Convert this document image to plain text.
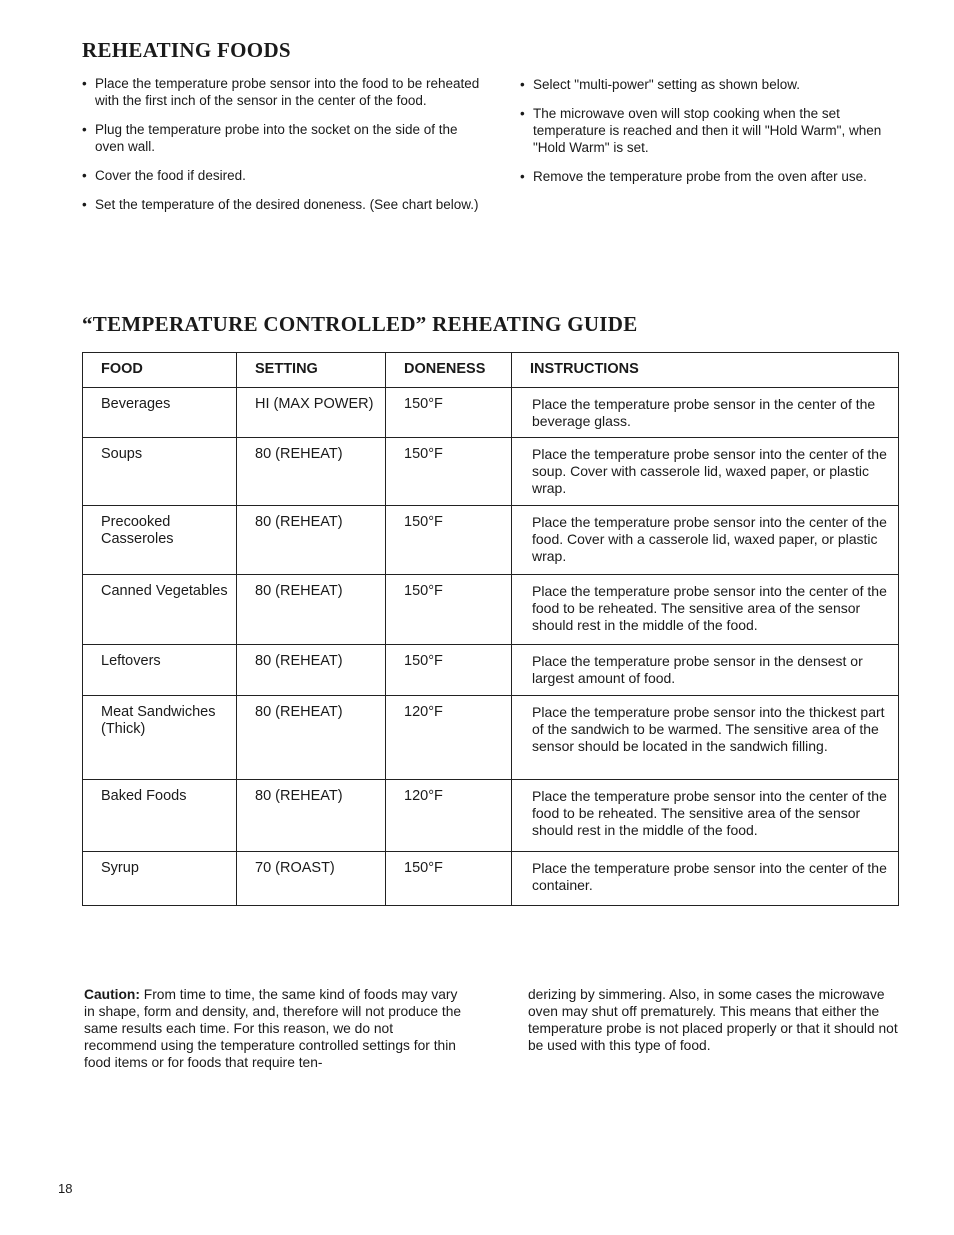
REHEATING FOODS
• Place the temperature probe sensor into the food to be reheated with the first inch of the sensor in the center of the food.
• Plug the temperature probe into the socket on the side of the oven wall.
• Cover the food if desired.
• Set the temperature of the desired doneness. (See chart below.)
• Select "multi-power" setting as shown below.
• The microwave oven will stop cooking when the set temperature is reached and then it will "Hold Warm", when "Hold Warm" is set.
• Remove the temperature probe from the oven after use.
“TEMPERATURE CONTROLLED” REHEATING GUIDE
FOOD	SETTING	DONENESS	INSTRUCTIONS
Beverages	HI (MAX POWER)	150°F	Place the temperature probe sensor in the center of the beverage glass.
Soups	80 (REHEAT)	150°F	Place the temperature probe sensor into the center of the soup. Cover with casserole lid, waxed paper, or plastic wrap.
Precooked Casseroles	80 (REHEAT)	150°F	Place the temperature probe sensor into the center of the food. Cover with a casserole lid, waxed paper, or plastic wrap.
Canned Vegetables	80 (REHEAT)	150°F	Place the temperature probe sensor into the center of the food to be reheated. The sensitive area of the sensor should rest in the middle of the food.
Leftovers	80 (REHEAT)	150°F	Place the temperature probe sensor in the densest or largest amount of food.
Meat Sandwiches (Thick)	80 (REHEAT)	120°F	Place the temperature probe sensor into the thickest part of the sandwich to be warmed. The sensitive area of the sensor should be located in the sandwich filling.
Baked Foods	80 (REHEAT)	120°F	Place the temperature probe sensor into the center of the food to be reheated. The sensitive area of the sensor should rest in the middle of the food.
Syrup	70 (ROAST)	150°F	Place the temperature probe sensor into the center of the container.

Caution: From time to time, the same kind of foods may vary in shape, form and density, and, therefore will not produce the same results each time. For this reason, we do not recommend using the temperature controlled settings for thin food items or for foods that require ten-

derizing by simmering. Also, in some cases the microwave oven may shut off prematurely. This means that either the temperature probe is not placed properly or that it should not be used with this type of food.

18
